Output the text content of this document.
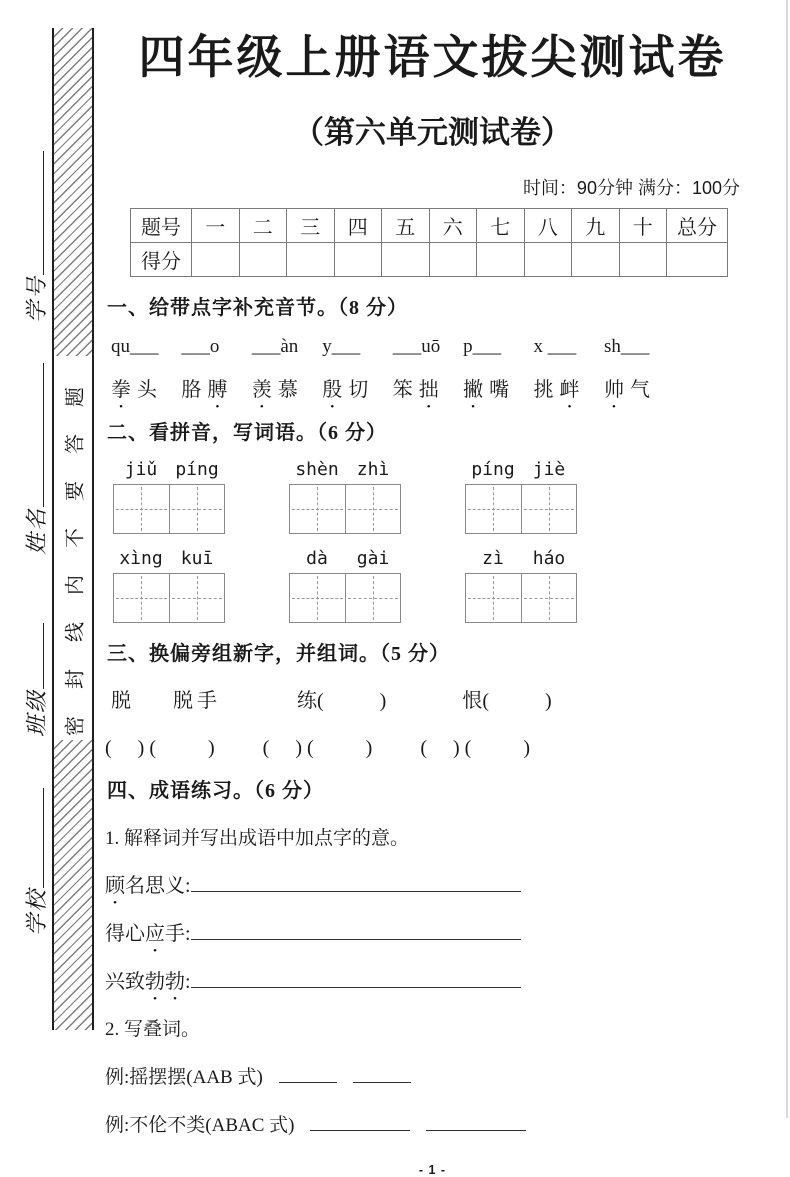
密封线内不要答题
学号
姓名
班级
学校
四年级上册语文拔尖测试卷
（第六单元测试卷）
时间：90分钟 满分：100分
题号	一	二	三	四	五	六	七	八	九	十	总分
得分											
一、给带点字补充音节。（8 分）
qu___
拳 头
___o
胳 膊
___àn
羡 慕
y___
殷 切
___uō
笨 拙
p___
撇 嘴
x ___
挑 衅
sh___
帅 气
二、看拼音，写词语。（6 分）
jiǔ	píng	shèn	zhì	píng	jiè
xìng	kuī	dà	gài	zì	háo
三、换偏旁组新字，并组词。（5 分）
脱 脱手	练(	)	恨(	)
( ) (	) ( ) (	) ( ) (	)
四、成语练习。（6 分）
1. 解释词并写出成语中加点字的意。
顾名思义:
得心应手:
兴致勃勃:
2. 写叠词。
例:摇摆摆(AAB 式)
例:不伦不类(ABAC 式)
- 1 -
